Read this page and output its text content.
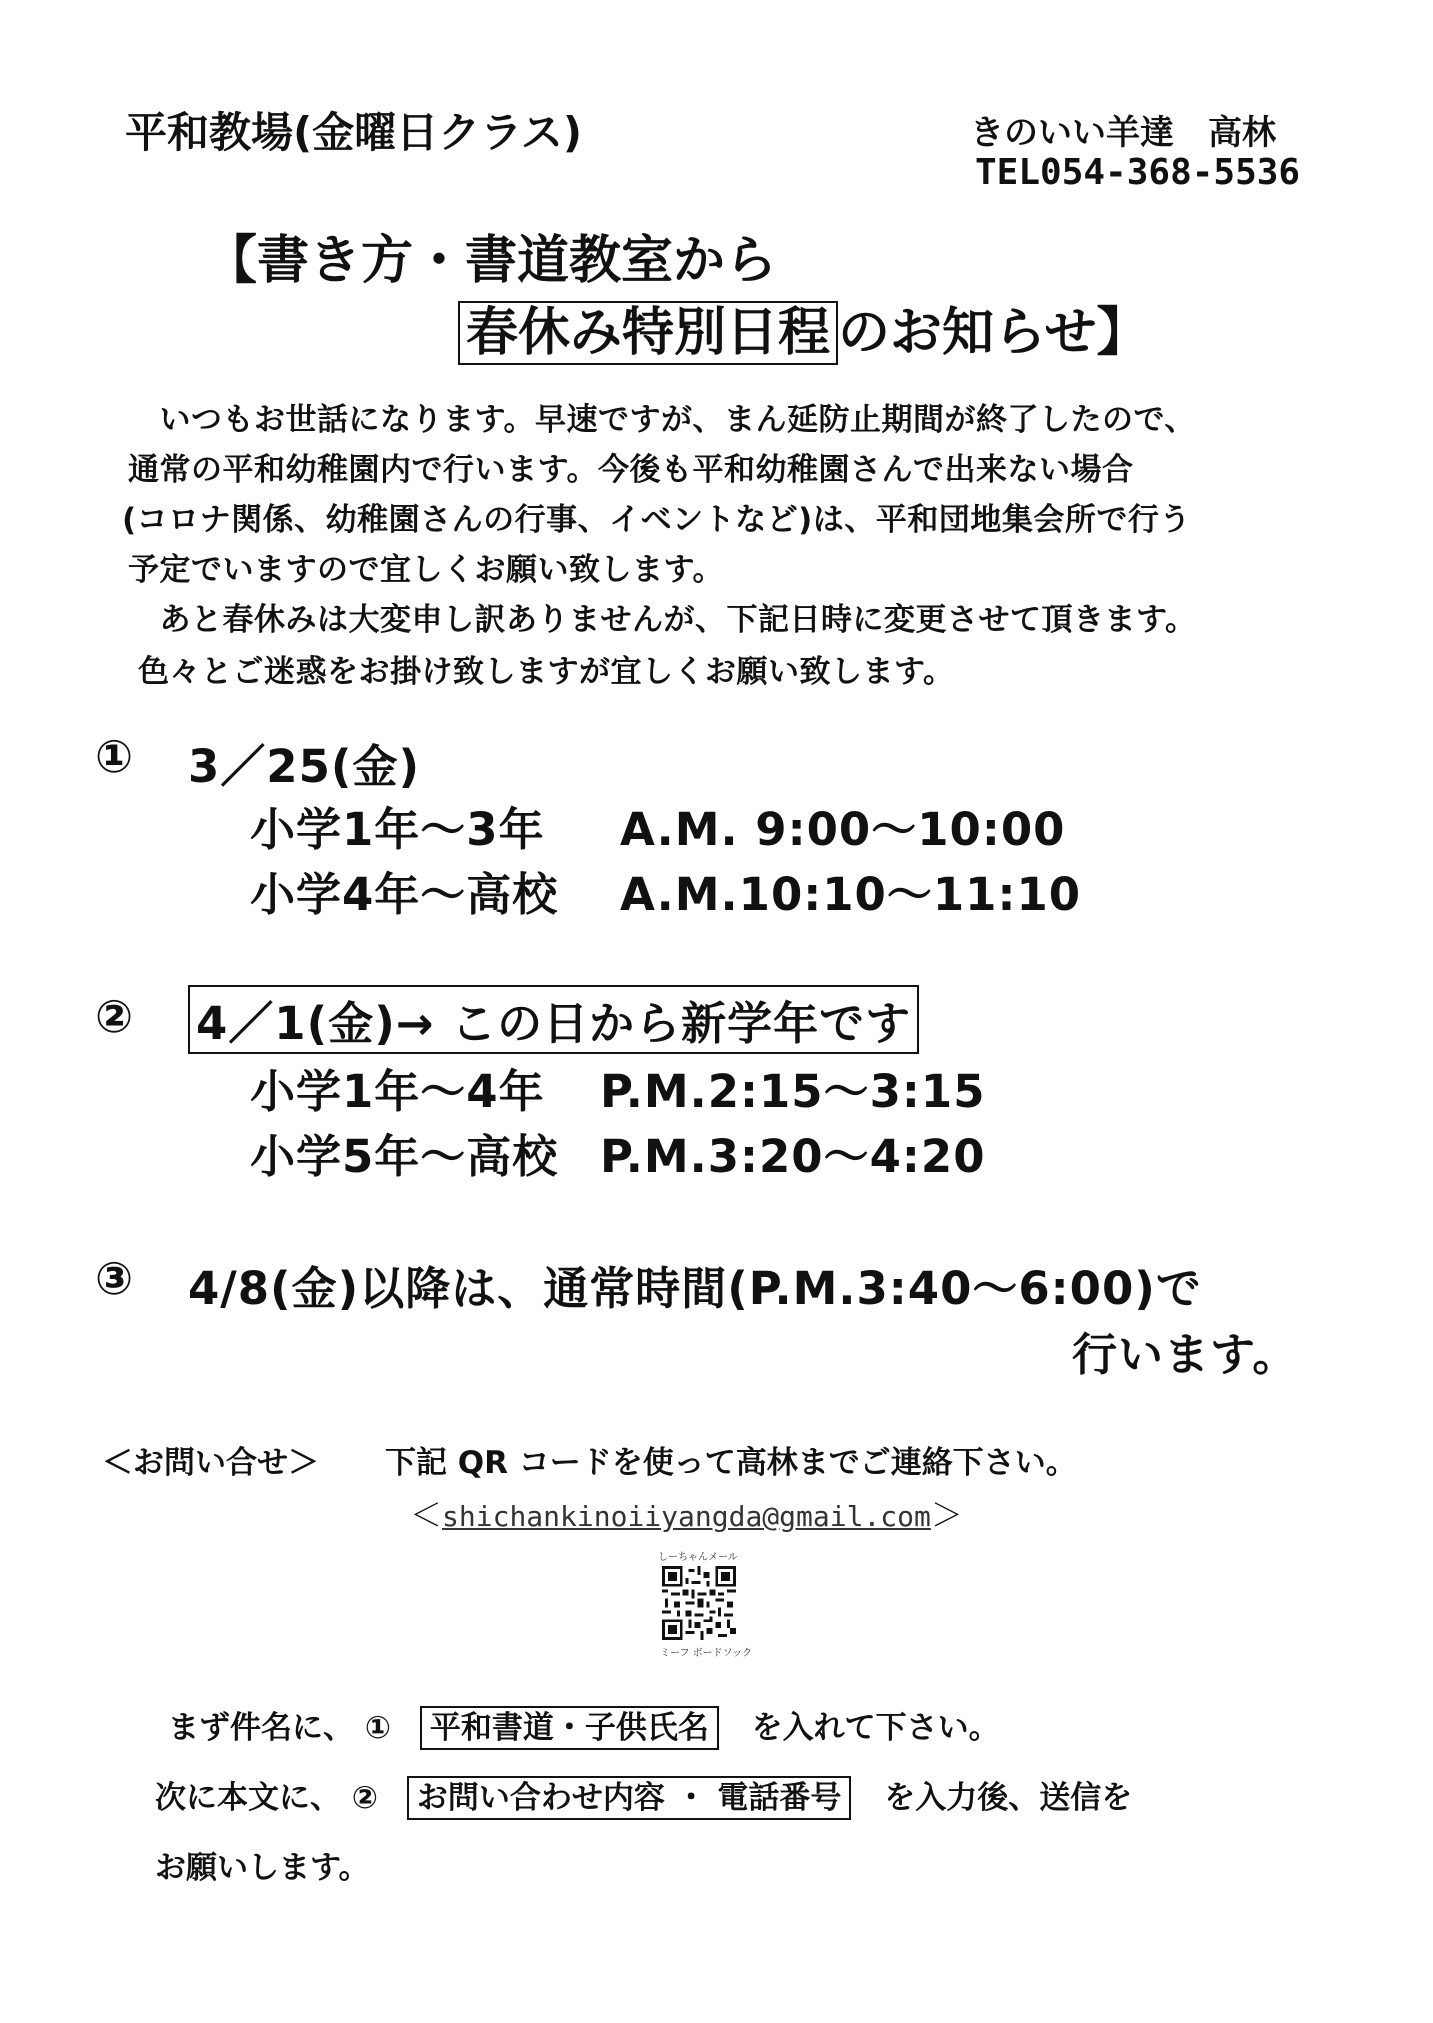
平和教場(金曜日クラス)	きのいい羊達　高林
TEL054-368-5536
【書き方・書道教室から
春休み特別日程 のお知らせ】
　いつもお世話になります。早速ですが、まん延防止期間が終了したので、
通常の平和幼稚園内で行います。今後も平和幼稚園さんで出来ない場合
(コロナ関係、幼稚園さんの行事、イベントなど)は、平和団地集会所で行う
予定でいますので宜しくお願い致します。
　あと春休みは大変申し訳ありませんが、下記日時に変更させて頂きます。
色々とご迷惑をお掛け致しますが宜しくお願い致します。
① 3／25(金)
小学1年～3年 A.M. 9:00～10:00
小学4年～高校 A.M.10:10～11:10
② 4／1(金)→ この日から新学年です
小学1年～4年 P.M.2:15～3:15
小学5年～高校 P.M.3:20～4:20
③ 4/8(金)以降は、通常時間(P.M.3:40～6:00)で
行います。
＜お問い合せ＞ 下記 QR コードを使って高林までご連絡下さい。
＜shichankinoiiyangda@gmail.com＞
しーちゃんメール
ミーフ ボードソック
まず件名に、 ① 平和書道・子供氏名 を入れて下さい。
次に本文に、 ② お問い合わせ内容 ・ 電話番号 を入力後、送信を
お願いします。
